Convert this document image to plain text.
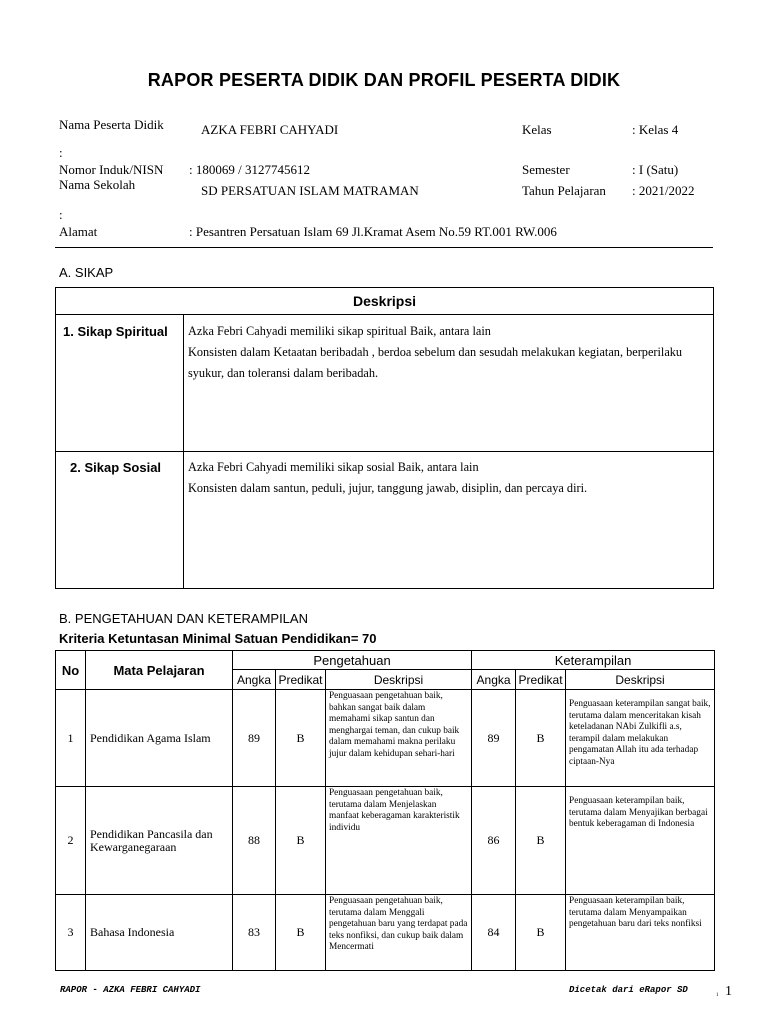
RAPOR PESERTA DIDIK DAN PROFIL PESERTA DIDIK
Nama Peserta Didik	AZKA FEBRI CAHYADI	Kelas	: Kelas 4
:
Nomor Induk/NISN : 180069 / 3127745612	Semester	: I (Satu)
Nama Sekolah	SD PERSATUAN ISLAM MATRAMAN	Tahun Pelajaran : 2021/2022
:
Alamat	: Pesantren Persatuan Islam 69 Jl.Kramat Asem No.59 RT.001 RW.006
A. SIKAP
Deskripsi
1. Sikap Spiritual Azka Febri Cahyadi memiliki sikap spiritual Baik, antara lain
Konsisten dalam Ketaatan beribadah , berdoa sebelum dan sesudah melakukan kegiatan, berperilaku syukur, dan toleransi dalam beribadah.
2. Sikap Sosial Azka Febri Cahyadi memiliki sikap sosial Baik, antara lain
Konsisten dalam santun, peduli, jujur, tanggung jawab, disiplin, dan percaya diri.
B. PENGETAHUAN DAN KETERAMPILAN
Kriteria Ketuntasan Minimal Satuan Pendidikan= 70
No	Mata Pelajaran	Pengetahuan			Keterampilan		
		Angka	Predikat	Deskripsi	Angka	Predikat	Deskripsi
1	Pendidikan Agama Islam	89	B	Penguasaan pengetahuan baik, bahkan sangat baik dalam memahami sikap santun dan menghargai teman, dan cukup baik dalam memahami makna perilaku jujur dalam kehidupan sehari-hari	89	B	Penguasaan keterampilan sangat baik, terutama dalam menceritakan kisah keteladanan NAbi Zulkifli a.s, terampil dalam melakukan pengamatan Allah itu ada terhadap ciptaan-Nya
2	Pendidikan Pancasila dan Kewarganegaraan	88	B	Penguasaan pengetahuan baik, terutama dalam Menjelaskan manfaat keberagaman karakteristik individu	86	B	Penguasaan keterampilan baik, terutama dalam Menyajikan berbagai bentuk keberagaman di Indonesia
3	Bahasa Indonesia	83	B	Penguasaan pengetahuan baik, terutama dalam Menggali pengetahuan baru yang terdapat pada teks nonfiksi, dan cukup baik dalam Mencermati	84	B	Penguasaan keterampilan baik, terutama dalam Menyampaikan pengetahuan baru dari teks nonfiksi
RAPOR - AZKA FEBRI CAHYADI	Dicetak dari eRapor SD
1 1
